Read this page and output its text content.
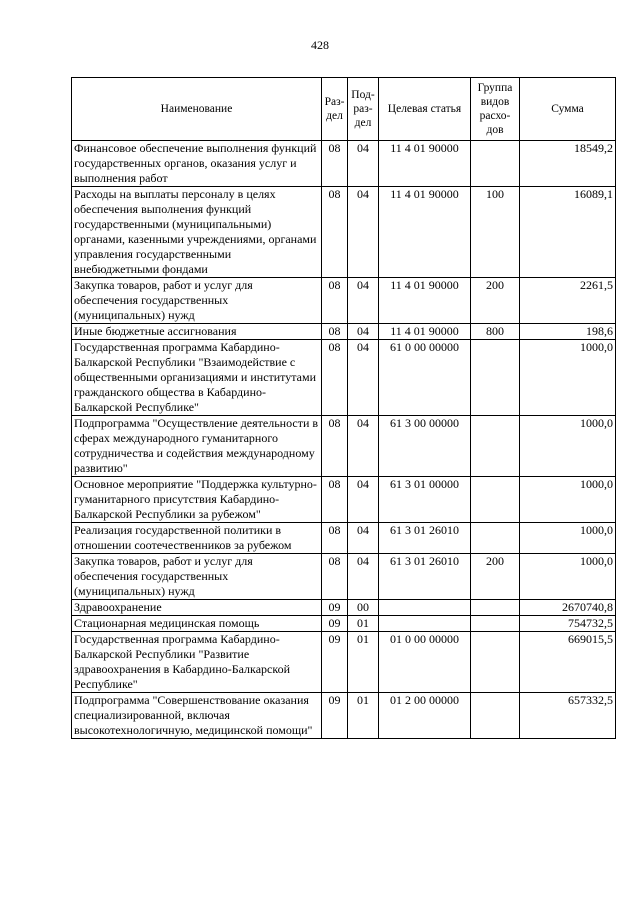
428
Наименование	Раз-дел	Под-раз-дел	Целевая статья	Группа видов расхо-дов	Сумма
Финансовое обеспечение выполнения функций государственных органов, оказания услуг и выполнения работ	08	04	11 4 01 90000		18549,2
Расходы на выплаты персоналу в целях обеспечения выполнения функций государственными (муниципальными) органами, казенными учреждениями, органами управления государственными внебюджетными фондами	08	04	11 4 01 90000	100	16089,1
Закупка товаров, работ и услуг для обеспечения государственных (муниципальных) нужд	08	04	11 4 01 90000	200	2261,5
Иные бюджетные ассигнования	08	04	11 4 01 90000	800	198,6
Государственная программа Кабардино-Балкарской Республики "Взаимодействие с общественными организациями и институтами гражданского общества в Кабардино-Балкарской Республике"	08	04	61 0 00 00000		1000,0
Подпрограмма "Осуществление деятельности в сферах международного гуманитарного сотрудничества и содействия международному развитию"	08	04	61 3 00 00000		1000,0
Основное мероприятие "Поддержка культурно-гуманитарного присутствия Кабардино-Балкарской Республики за рубежом"	08	04	61 3 01 00000		1000,0
Реализация государственной политики в отношении соотечественников за рубежом	08	04	61 3 01 26010		1000,0
Закупка товаров, работ и услуг для обеспечения государственных (муниципальных) нужд	08	04	61 3 01 26010	200	1000,0
Здравоохранение	09	00			2670740,8
Стационарная медицинская помощь	09	01			754732,5
Государственная программа Кабардино-Балкарской Республики "Развитие здравоохранения в Кабардино-Балкарской Республике"	09	01	01 0 00 00000		669015,5
Подпрограмма "Совершенствование оказания специализированной, включая высокотехнологичную, медицинской помощи"	09	01	01 2 00 00000		657332,5
